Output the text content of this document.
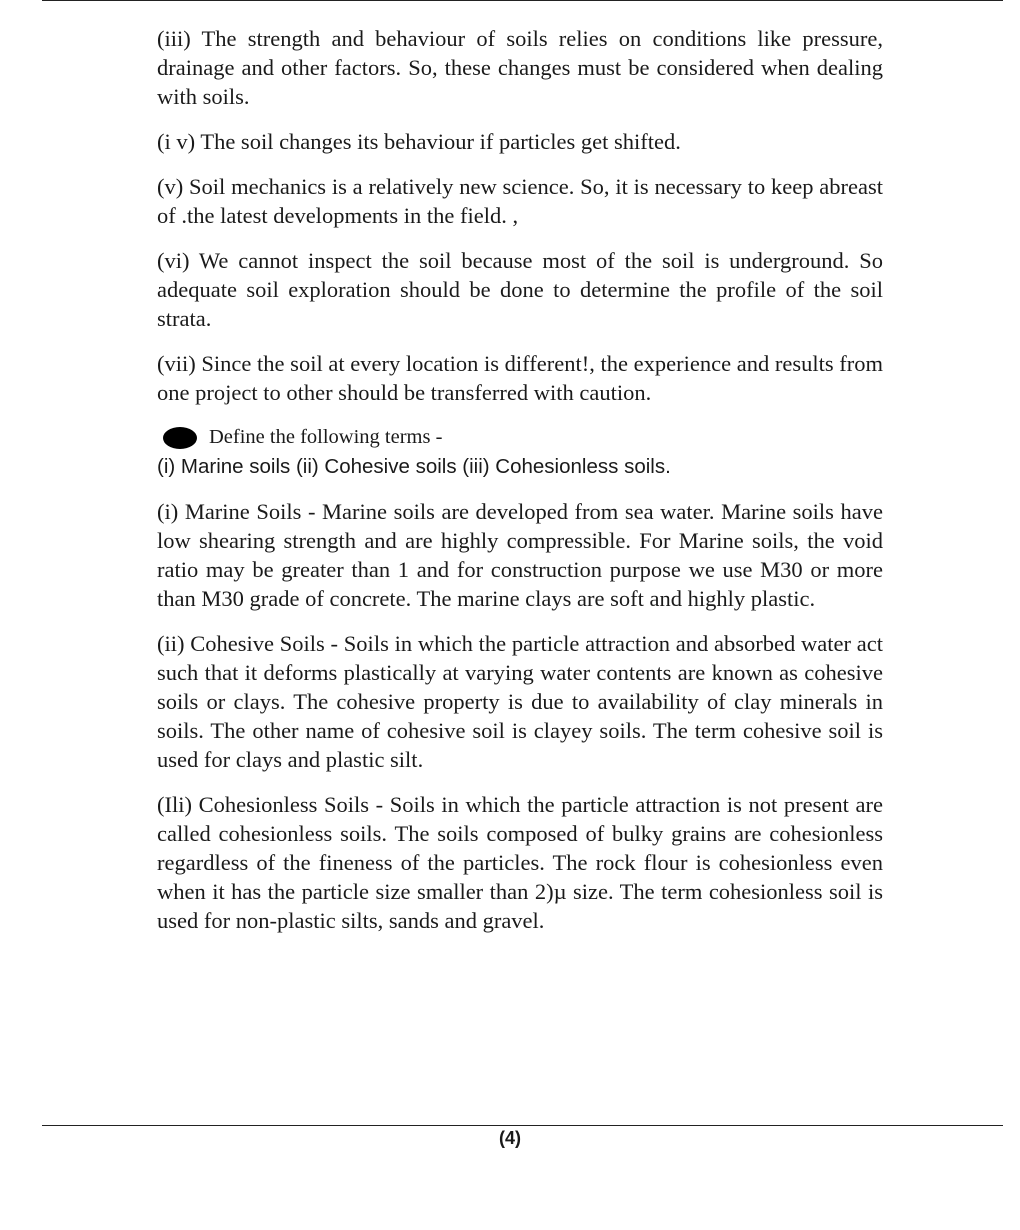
(iii) The strength and behaviour of soils relies on conditions like pressure, drainage and other factors. So, these changes must be considered when dealing with soils.

(i v) The soil changes its behaviour if particles get shifted.

(v) Soil mechanics is a relatively new science. So, it is necessary to keep abreast of .the latest developments in the field. ,

(vi) We cannot inspect the soil because most of the soil is underground. So adequate soil exploration should be done to determine the profile of the soil strata.

(vii) Since the soil at every location is different!, the experience and results from one project to other should be transferred with caution.

Define the following terms -

(i) Marine soils (ii) Cohesive soils (iii) Cohesionless soils.

(i) Marine Soils - Marine soils are developed from sea water. Marine soils have low shearing strength and are highly compressible. For Marine soils, the void ratio may be greater than 1 and for construction purpose we use M30 or more than M30 grade of concrete. The marine clays are soft and highly plastic.

(ii) Cohesive Soils - Soils in which the particle attraction and absorbed water act such that it deforms plastically at varying water contents are known as cohesive soils or clays. The cohesive property is due to availability of clay minerals in soils. The other name of cohesive soil is clayey soils. The term cohesive soil is used for clays and plastic silt.

(Ili) Cohesionless Soils - Soils in which the particle attraction is not present are called cohesionless soils. The soils composed of bulky grains are cohesionless regardless of the fineness of the particles. The rock flour is cohesionless even when it has the particle size smaller than 2)µ size. The term cohesionless soil is used for non-plastic silts, sands and gravel.

(4)
